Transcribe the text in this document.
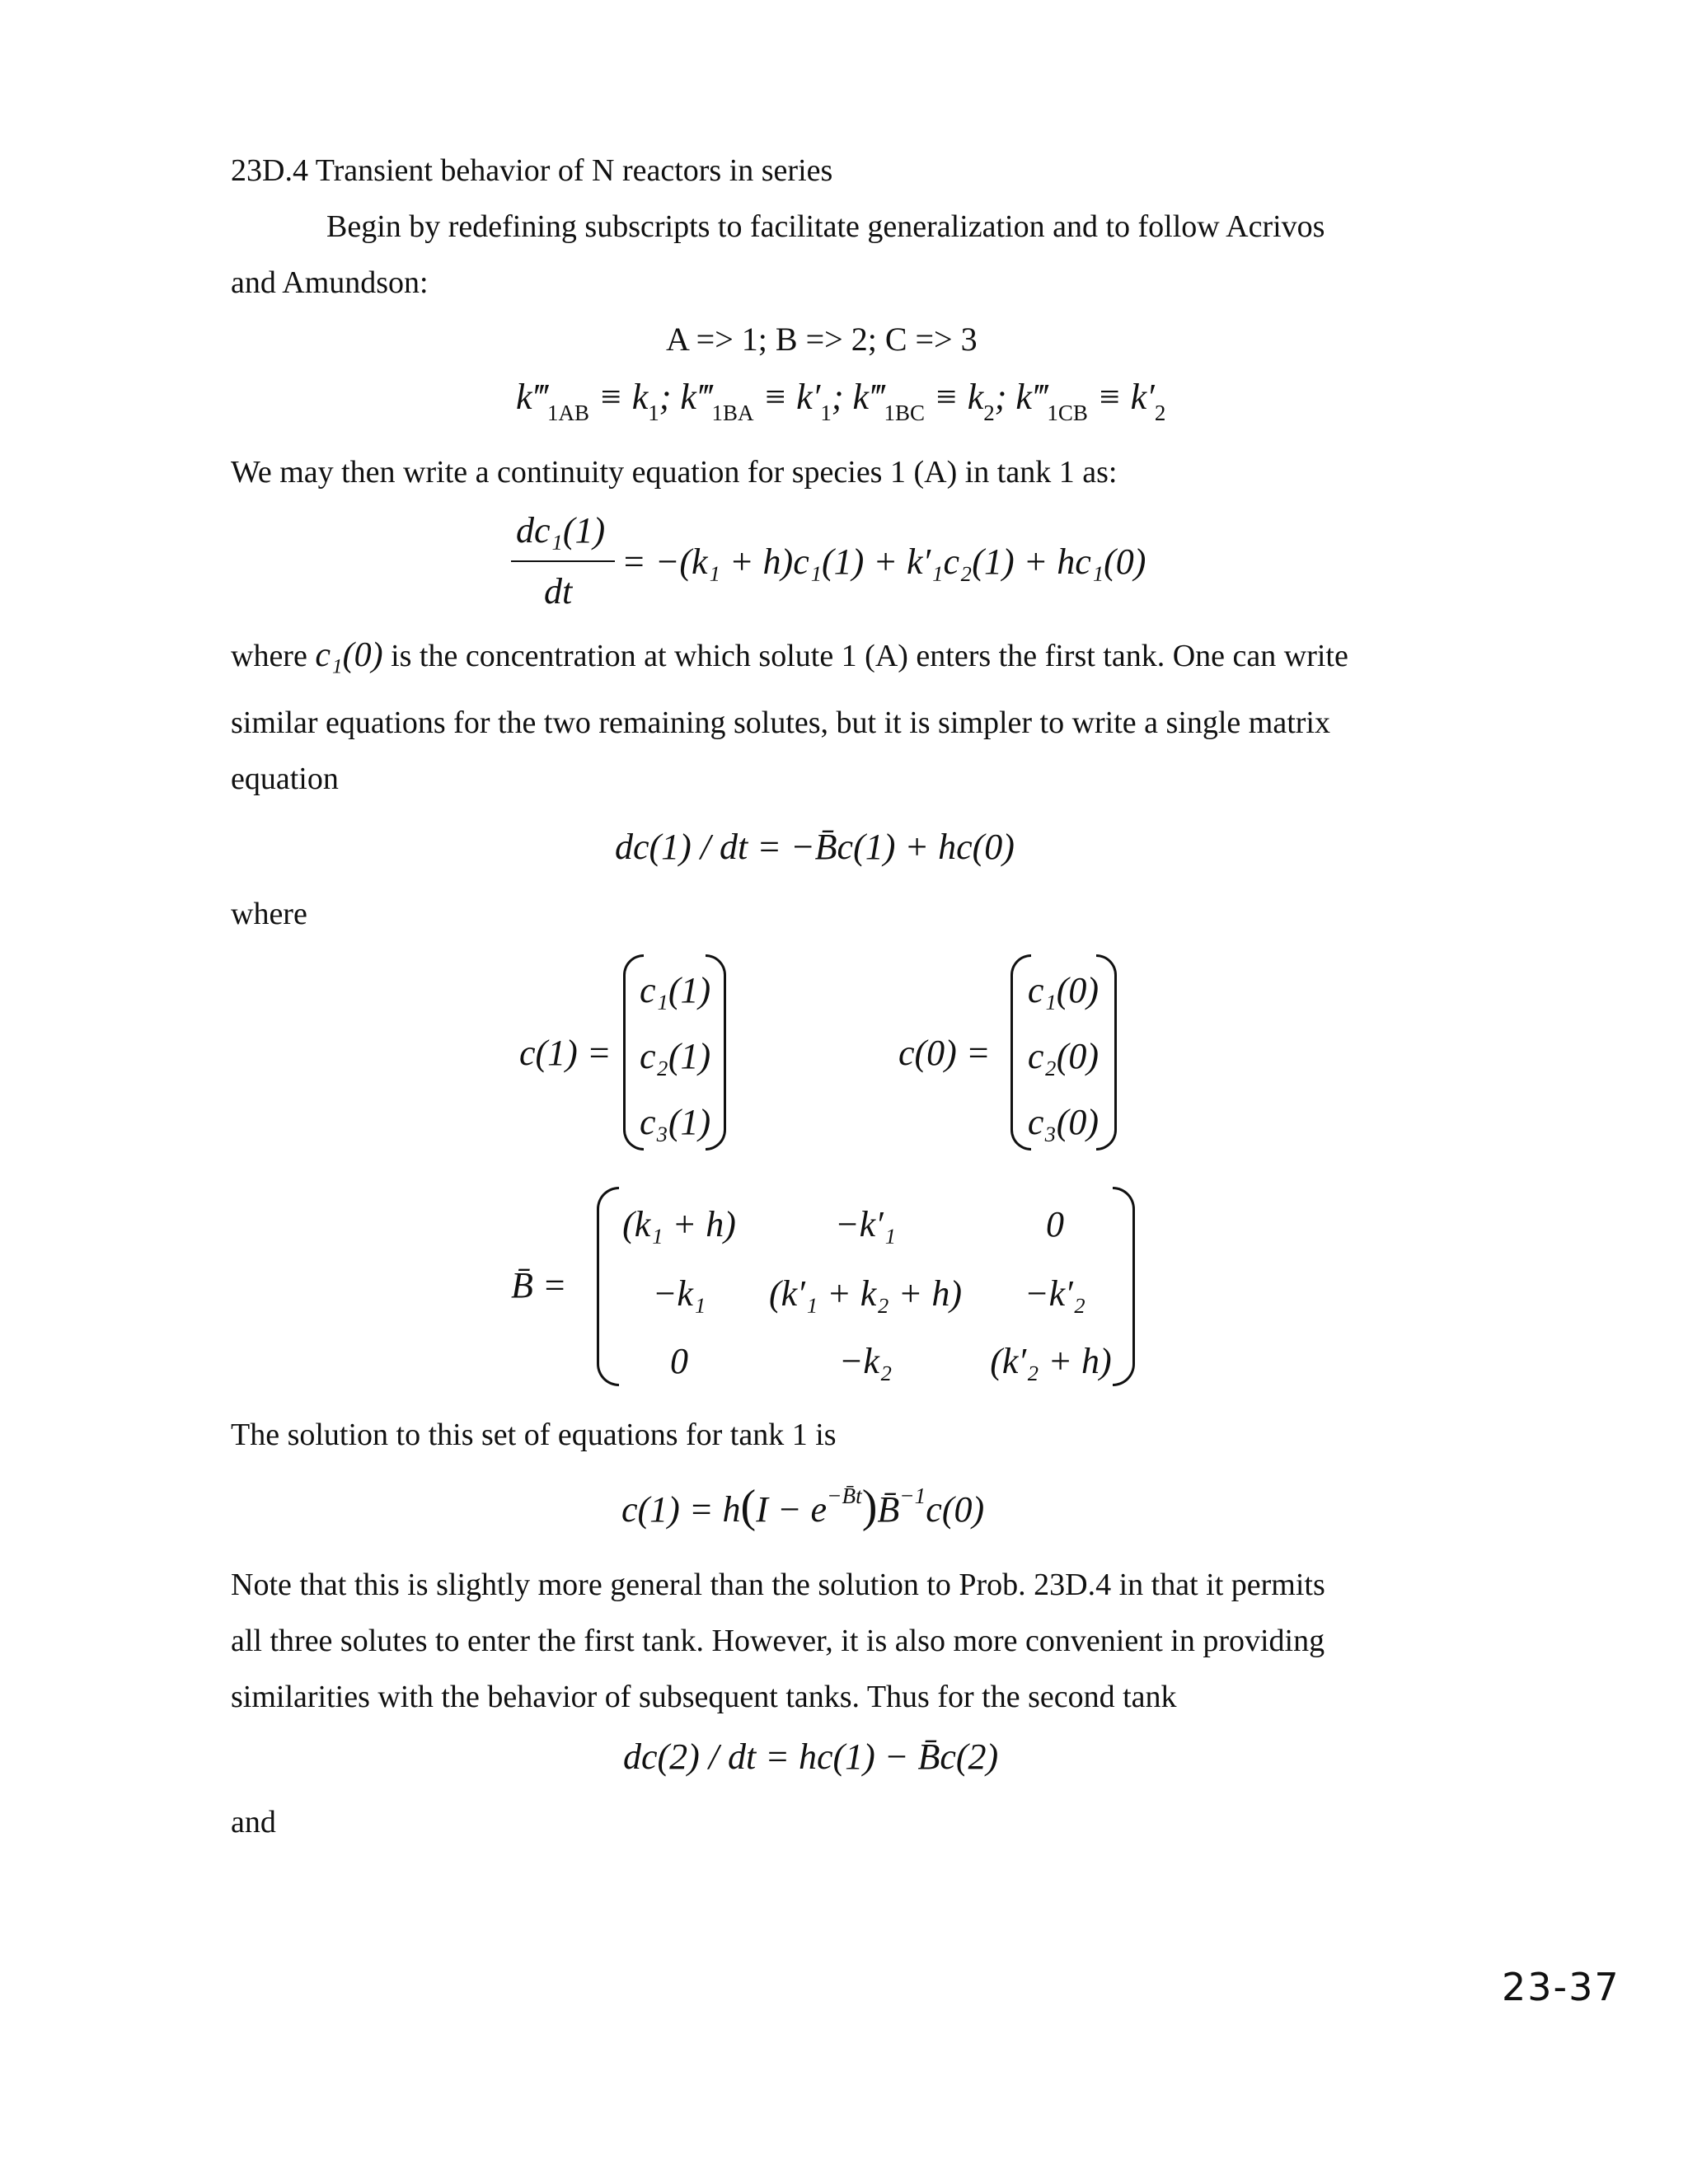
23D.4 Transient behavior of N reactors in series
Begin by redefining subscripts to facilitate generalization and to follow Acrivos
and Amundson:
A => 1; B => 2; C => 3
$k‴_{1AB} \equiv k_1$; $k‴_{1BA} \equiv k'_1$; $k‴_{1BC} \equiv k_2$; $k‴_{1CB} \equiv k'_2$
We may then write a continuity equation for species 1 (A) in tank 1 as:
dc₁(1)
dt
= −(k₁ + h)c₁(1) + k′₁c₂(1) + hc₁(0)
where c₁(0) is the concentration at which solute 1 (A) enters the first tank. One can write
similar equations for the two remaining solutes, but it is simpler to write a single matrix
equation
dc(1) / dt = −B̄c(1) + hc(0)
where
c(1) =
c₁(1)
c₂(1)
c₃(1)
c(0) =
c₁(0)
c₂(0)
c₃(0)
B̄ =
(k₁ + h)	−k′₁	0
−k₁	(k′₁ + k₂ + h)	−k′₂
0	−k₂	(k′₂ + h)
The solution to this set of equations for tank 1 is
$c(1) = h(I - e^{-B̄t})B̄^{-1}c(0)$
Note that this is slightly more general than the solution to Prob. 23D.4 in that it permits
all three solutes to enter the first tank. However, it is also more convenient in providing
similarities with the behavior of subsequent tanks. Thus for the second tank
dc(2) / dt = hc(1) − B̄c(2)
and
23-37
